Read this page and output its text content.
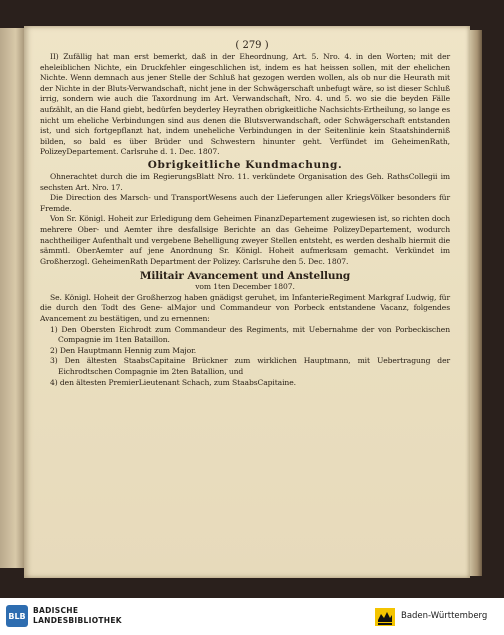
( 279 )

II) Zufällig hat man erst bemerkt, daß in der Eheordnung, Art. 5. Nro. 4. in den Worten; mit der eheleiblichen Nichte, ein Druckfehler eingeschlichen ist, indem es hat heissen sollen, mit der ehelichen Nichte. Wenn demnach aus jener Stelle der Schluß hat gezogen werden wollen, als ob nur die Heurath mit der Nichte in der Bluts-Verwandschaft, nicht jene in der Schwägerschaft unbefugt wäre, so ist dieser Schluß irrig, sondern wie auch die Taxordnung im Art. Verwandschaft, Nro. 4. und 5. wo sie die beyden Fälle aufzählt, an die Hand giebt, bedürfen beyderley Heyrathen obrigkeitliche Nachsichts-Ertheilung, so lange es nicht um eheliche Verbindungen sind aus denen die Blutsverwandschaft, oder Schwägerschaft entstanden ist, und sich fortgepflanzt hat, indem uneheliche Verbindungen in der Seitenlinie kein Staatshinderniß bilden, so bald es über Brüder und Schwestern hinunter geht. Verfündet im GeheimenRath, PolizeyDepartement. Carlsruhe d. 1. Dec. 1807.

Obrigkeitliche Kundmachung.

Ohnerachtet durch die im RegierungsBlatt Nro. 11. verkündete Organisation des Geh. RathsCollegii im sechsten Art. Nro. 17.

Die Direction des Marsch- und TransportWesens auch der Lieferungen aller KriegsVölker besonders für Fremde.

Von Sr. Königl. Hoheit zur Erledigung dem Geheimen FinanzDepartement zugewiesen ist, so richten doch mehrere Ober- und Aemter ihre desfallsige Berichte an das Geheime PolizeyDepartement, wodurch nachtheiliger Aufenthalt und vergebene Behelligung zweyer Stellen entsteht, es werden deshalb hiermit die sämmtl. OberAemter auf jene Anordnung Sr. Königl. Hoheit aufmerksam gemacht. Verkündet im Großherzogl. GeheimenRath Department der Polizey. Carlsruhe den 5. Dec. 1807.

Militair Avancement und Anstellung
vom 1ten December 1807.

Se. Königl. Hoheit der Großherzog haben gnädigst geruhet, im InfanterieRegiment Markgraf Ludwig, für die durch den Todt des Gene- alMajor und Commandeur von Porbeck entstandene Vacanz, folgendes Avancement zu bestätigen, und zu ernennen:

1) Den Obersten Eichrodt zum Commandeur des Regiments, mit Uebernahme der von Porbeckischen Compagnie im 1ten Bataillon.

2) Den Hauptmann Hennig zum Major.

3) Den ältesten StaabsCapitaine Brückner zum wirklichen Hauptmann, mit Uebertragung der Eichrodtschen Compagnie im 2ten Batallion, und

4) den ältesten PremierLieutenant Schach, zum StaabsCapitaine.

BLB
BADISCHE
LANDESBIBLIOTHEK	Baden-Württemberg
